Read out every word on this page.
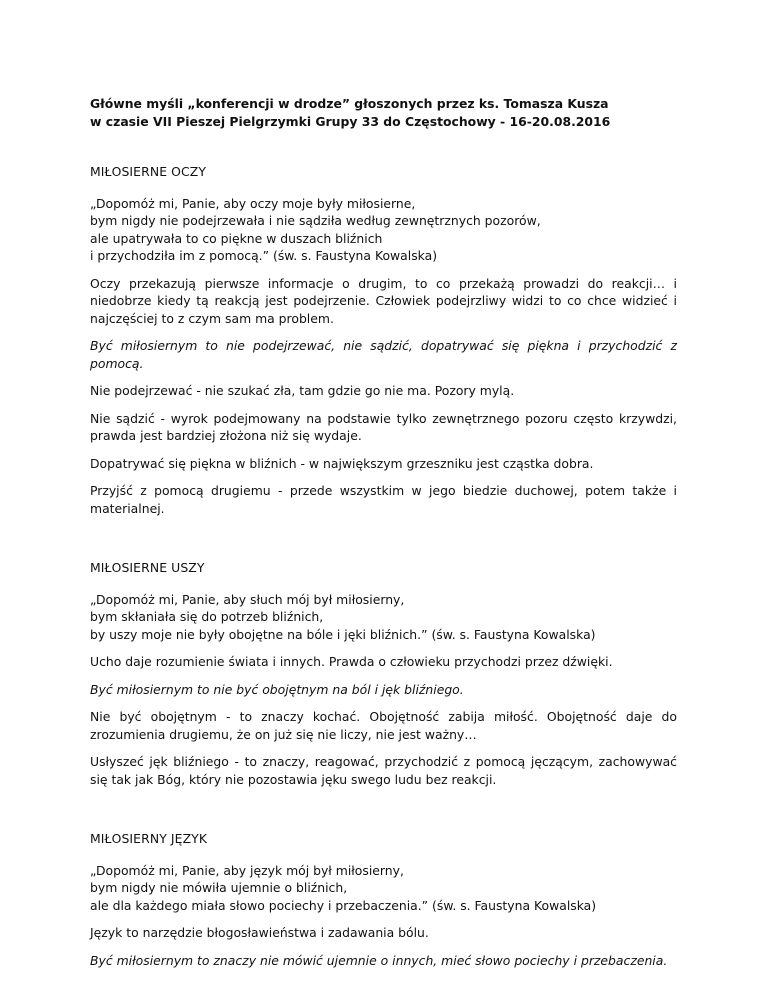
Główne myśli „konferencji w drodze” głoszonych przez ks. Tomasza Kusza
w czasie VII Pieszej Pielgrzymki Grupy 33 do Częstochowy - 16-20.08.2016

MIŁOSIERNE OCZY

„Dopomóż mi, Panie, aby oczy moje były miłosierne,
bym nigdy nie podejrzewała i nie sądziła według zewnętrznych pozorów,
ale upatrywała to co piękne w duszach bliźnich
i przychodziła im z pomocą.” (św. s. Faustyna Kowalska)

Oczy przekazują pierwsze informacje o drugim, to co przekażą prowadzi do reakcji… i niedobrze kiedy tą reakcją jest podejrzenie. Człowiek podejrzliwy widzi to co chce widzieć i najczęściej to z czym sam ma problem.

Być miłosiernym to nie podejrzewać, nie sądzić, dopatrywać się piękna i przychodzić z pomocą.

Nie podejrzewać - nie szukać zła, tam gdzie go nie ma. Pozory mylą.

Nie sądzić - wyrok podejmowany na podstawie tylko zewnętrznego pozoru często krzywdzi, prawda jest bardziej złożona niż się wydaje.

Dopatrywać się piękna w bliźnich - w największym grzeszniku jest cząstka dobra.

Przyjść z pomocą drugiemu - przede wszystkim w jego biedzie duchowej, potem także i materialnej.

MIŁOSIERNE USZY

„Dopomóż mi, Panie, aby słuch mój był miłosierny,
bym skłaniała się do potrzeb bliźnich,
by uszy moje nie były obojętne na bóle i jęki bliźnich.” (św. s. Faustyna Kowalska)

Ucho daje rozumienie świata i innych. Prawda o człowieku przychodzi przez dźwięki.

Być miłosiernym to nie być obojętnym na ból i jęk bliźniego.

Nie być obojętnym - to znaczy kochać. Obojętność zabija miłość. Obojętność daje do zrozumienia drugiemu, że on już się nie liczy, nie jest ważny…

Usłyszeć jęk bliźniego - to znaczy, reagować, przychodzić z pomocą jęczącym, zachowywać się tak jak Bóg, który nie pozostawia jęku swego ludu bez reakcji.

MIŁOSIERNY JĘZYK

„Dopomóż mi, Panie, aby język mój był miłosierny,
bym nigdy nie mówiła ujemnie o bliźnich,
ale dla każdego miała słowo pociechy i przebaczenia.” (św. s. Faustyna Kowalska)

Język to narzędzie błogosławieństwa i zadawania bólu.

Być miłosiernym to znaczy nie mówić ujemnie o innych, mieć słowo pociechy i przebaczenia.
